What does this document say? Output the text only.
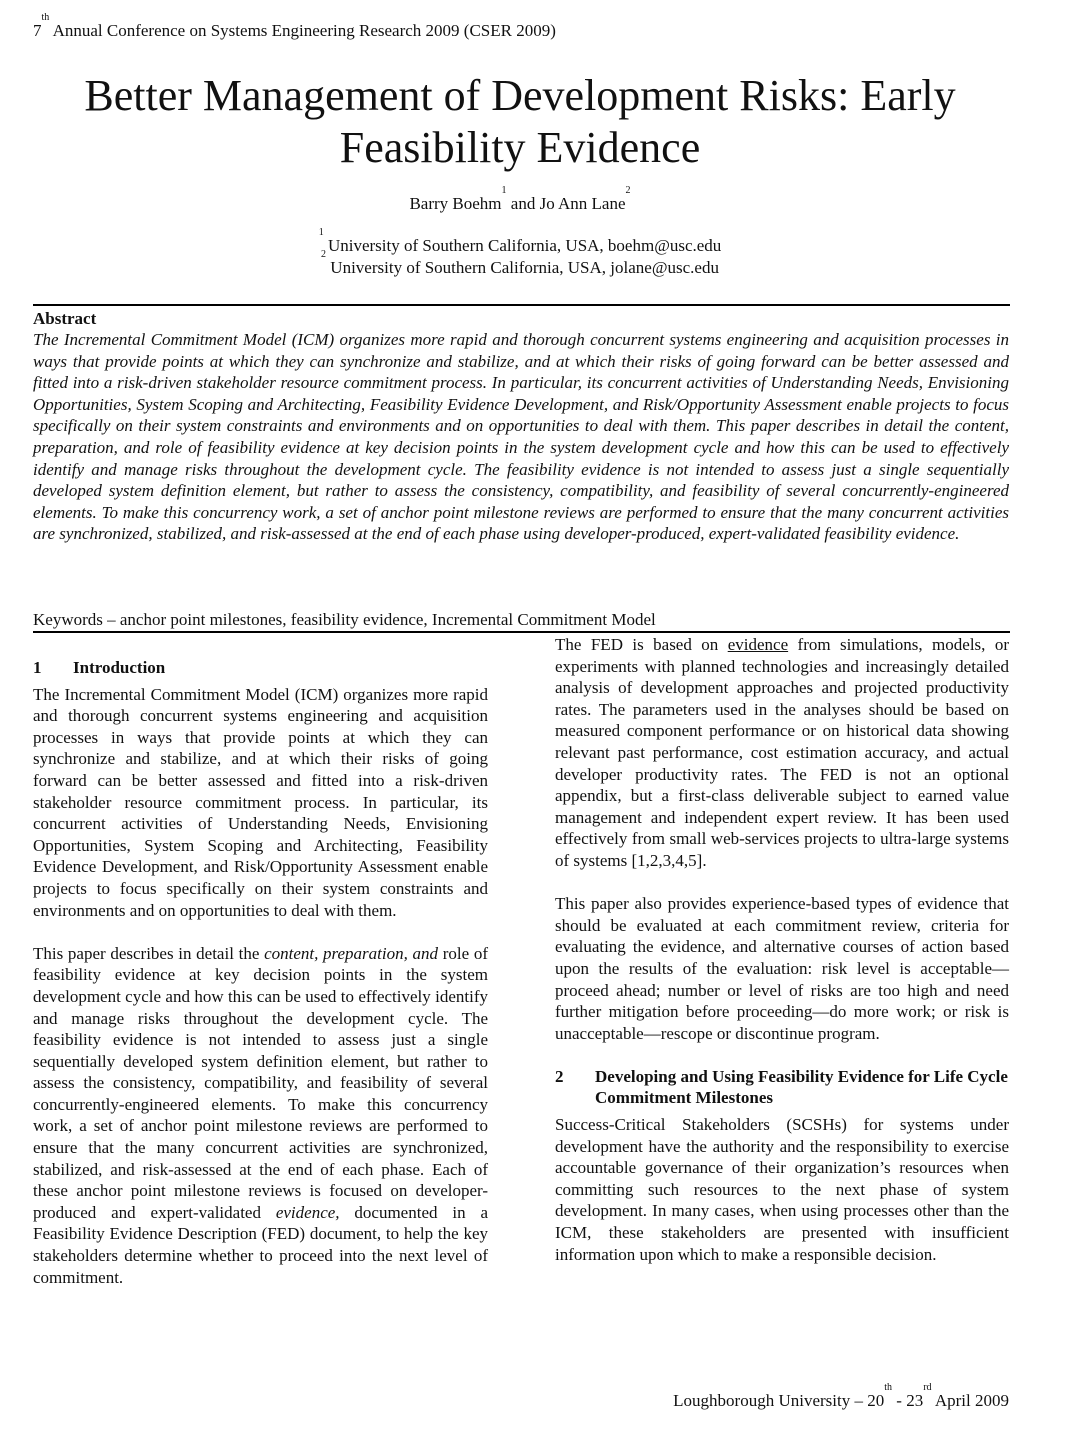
7th Annual Conference on Systems Engineering Research 2009 (CSER 2009)
Better Management of Development Risks: Early
Feasibility Evidence
Barry Boehm$^1$ and Jo Ann Lane$^2$
$^1$ University of Southern California, USA, boehm@usc.edu
$^2$ University of Southern California, USA, jolane@usc.edu
Abstract
The Incremental Commitment Model (ICM) organizes more rapid and thorough concurrent systems engineering and acquisition processes in ways that provide points at which they can synchronize and stabilize, and at which their risks of going forward can be better assessed and fitted into a risk-driven stakeholder resource commitment process. In particular, its concurrent activities of Understanding Needs, Envisioning Opportunities, System Scoping and Architecting, Feasibility Evidence Development, and Risk/Opportunity Assessment enable projects to focus specifically on their system constraints and environments and on opportunities to deal with them. This paper describes in detail the content, preparation, and role of feasibility evidence at key decision points in the system development cycle and how this can be used to effectively identify and manage risks throughout the development cycle. The feasibility evidence is not intended to assess just a single sequentially developed system definition element, but rather to assess the consistency, compatibility, and feasibility of several concurrently-engineered elements. To make this concurrency work, a set of anchor point milestone reviews are performed to ensure that the many concurrent activities are synchronized, stabilized, and risk-assessed at the end of each phase using developer-produced, expert-validated feasibility evidence.
Keywords – anchor point milestones, feasibility evidence, Incremental Commitment Model
1	Introduction

The Incremental Commitment Model (ICM) organizes more rapid and thorough concurrent systems engineering and acquisition processes in ways that provide points at which they can synchronize and stabilize, and at which their risks of going forward can be better assessed and fitted into a risk-driven stakeholder resource commitment process. In particular, its concurrent activities of Understanding Needs, Envisioning Opportunities, System Scoping and Architecting, Feasibility Evidence Development, and Risk/Opportunity Assessment enable projects to focus specifically on their system constraints and environments and on opportunities to deal with them.

This paper describes in detail the content, preparation, and role of feasibility evidence at key decision points in the system development cycle and how this can be used to effectively identify and manage risks throughout the development cycle. The feasibility evidence is not intended to assess just a single sequentially developed system definition element, but rather to assess the consistency, compatibility, and feasibility of several concurrently-engineered elements. To make this concurrency work, a set of anchor point milestone reviews are performed to ensure that the many concurrent activities are synchronized, stabilized, and risk-assessed at the end of each phase. Each of these anchor point milestone reviews is focused on developer-produced and expert-validated evidence, documented in a Feasibility Evidence Description (FED) document, to help the key stakeholders determine whether to proceed into the next level of commitment.

The FED is based on evidence from simulations, models, or experiments with planned technologies and increasingly detailed analysis of development approaches and projected productivity rates. The parameters used in the analyses should be based on measured component performance or on historical data showing relevant past performance, cost estimation accuracy, and actual developer productivity rates. The FED is not an optional appendix, but a first-class deliverable subject to earned value management and independent expert review. It has been used effectively from small web-services projects to ultra-large systems of systems [1,2,3,4,5].

This paper also provides experience-based types of evidence that should be evaluated at each commitment review, criteria for evaluating the evidence, and alternative courses of action based upon the results of the evaluation: risk level is acceptable—proceed ahead; number or level of risks are too high and need further mitigation before proceeding—do more work; or risk is unacceptable—rescope or discontinue program.

2	Developing and Using Feasibility Evidence for Life Cycle Commitment Milestones

Success-Critical Stakeholders (SCSHs) for systems under development have the authority and the responsibility to exercise accountable governance of their organization’s resources when committing such resources to the next phase of system development. In many cases, when using processes other than the ICM, these stakeholders are presented with insufficient information upon which to make a responsible decision.

Loughborough University – 20th - 23rd April 2009
